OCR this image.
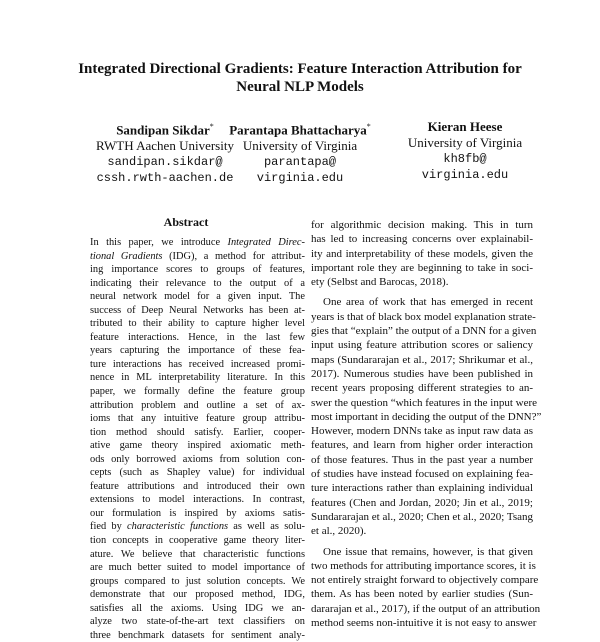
Integrated Directional Gradients: Feature Interaction Attribution for
Neural NLP Models
Sandipan Sikdar*
RWTH Aachen University
sandipan.sikdar@
cssh.rwth-aachen.de
Parantapa Bhattacharya*
University of Virginia
parantapa@
virginia.edu
Kieran Heese
University of Virginia
kh8fb@
virginia.edu
Abstract
In this paper, we introduce Integrated Direc-
tional Gradients (IDG), a method for attribut-
ing importance scores to groups of features,
indicating their relevance to the output of a
neural network model for a given input. The
success of Deep Neural Networks has been at-
tributed to their ability to capture higher level
feature interactions. Hence, in the last few
years capturing the importance of these fea-
ture interactions has received increased promi-
nence in ML interpretability literature. In this
paper, we formally define the feature group
attribution problem and outline a set of ax-
ioms that any intuitive feature group attribu-
tion method should satisfy. Earlier, cooper-
ative game theory inspired axiomatic meth-
ods only borrowed axioms from solution con-
cepts (such as Shapley value) for individual
feature attributions and introduced their own
extensions to model interactions. In contrast,
our formulation is inspired by axioms satis-
fied by characteristic functions as well as solu-
tion concepts in cooperative game theory liter-
ature. We believe that characteristic functions
are much better suited to model importance of
groups compared to just solution concepts. We
demonstrate that our proposed method, IDG,
satisfies all the axioms. Using IDG we an-
alyze two state-of-the-art text classifiers on
three benchmark datasets for sentiment analy-
for algorithmic decision making. This in turn
has led to increasing concerns over explainabil-
ity and interpretability of these models, given the
important role they are beginning to take in soci-
ety (Selbst and Barocas, 2018).
One area of work that has emerged in recent
years is that of black box model explanation strate-
gies that “explain” the output of a DNN for a given
input using feature attribution scores or saliency
maps (Sundararajan et al., 2017; Shrikumar et al.,
2017). Numerous studies have been published in
recent years proposing different strategies to an-
swer the question “which features in the input were
most important in deciding the output of the DNN?”
However, modern DNNs take as input raw data as
features, and learn from higher order interaction
of those features. Thus in the past year a number
of studies have instead focused on explaining fea-
ture interactions rather than explaining individual
features (Chen and Jordan, 2020; Jin et al., 2019;
Sundararajan et al., 2020; Chen et al., 2020; Tsang
et al., 2020).
One issue that remains, however, is that given
two methods for attributing importance scores, it is
not entirely straight forward to objectively compare
them. As has been noted by earlier studies (Sun-
dararajan et al., 2017), if the output of an attribution
method seems non-intuitive it is not easy to answer
